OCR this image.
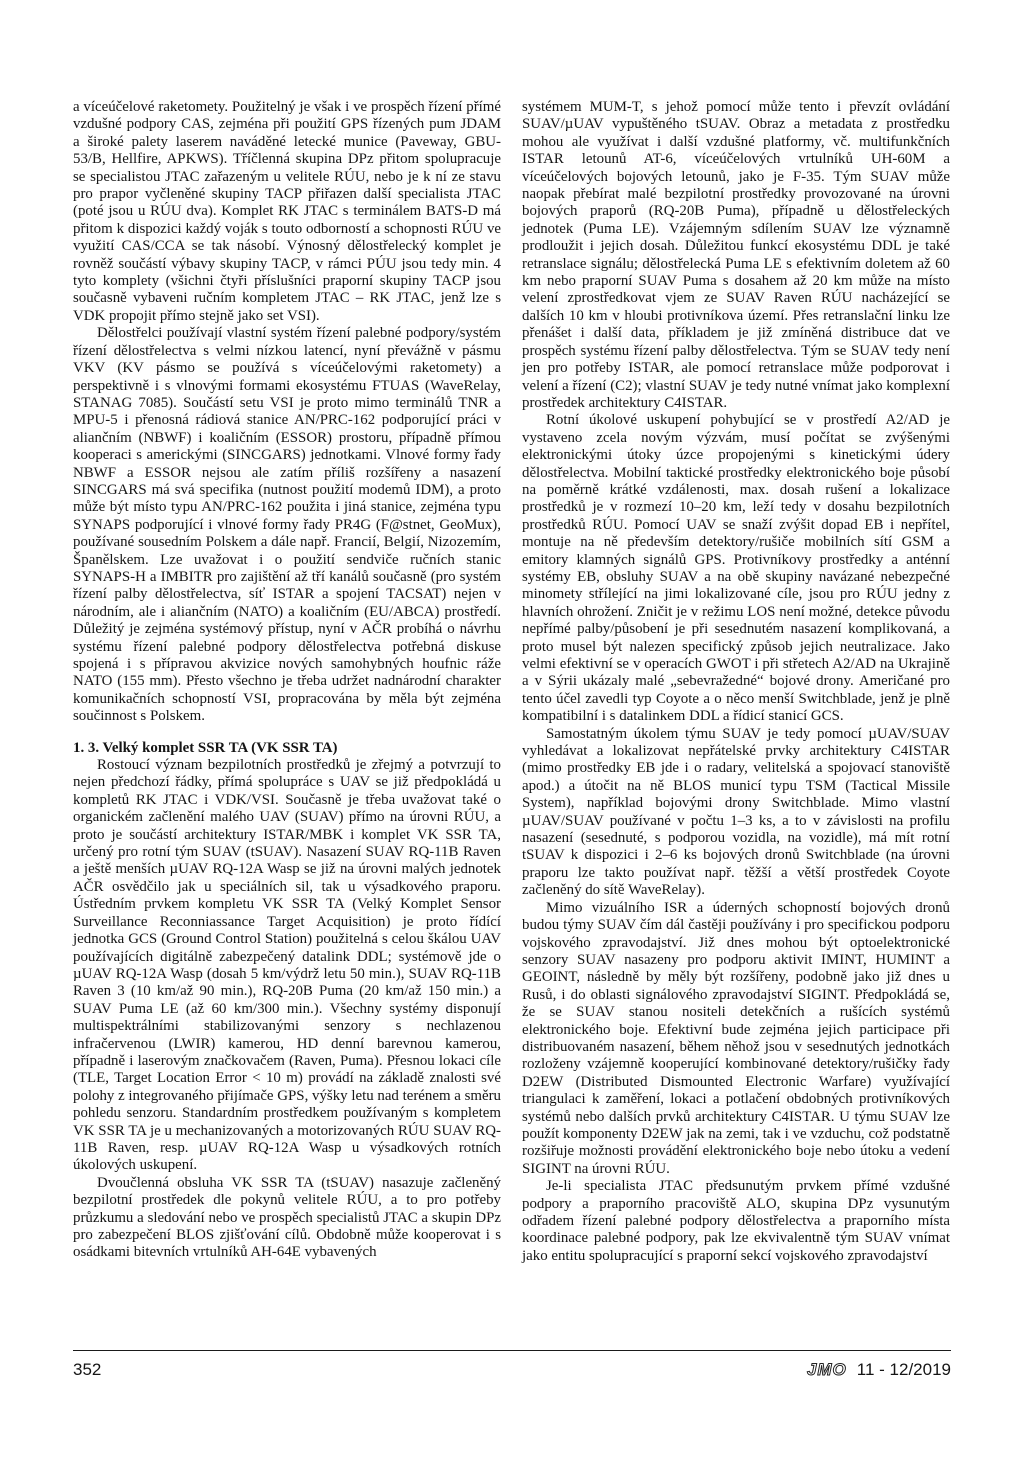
a víceúčelové raketomety. Použitelný je však i ve prospěch řízení přímé vzdušné podpory CAS, zejména při použití GPS řízených pum JDAM a široké palety laserem naváděné letecké munice (Paveway, GBU-53/B, Hellfire, APKWS). Tříčlenná skupina DPz přitom spolupracuje se specialistou JTAC zařazeným u velitele RÚU, nebo je k ní ze stavu pro prapor vyčleněné skupiny TACP přiřazen další specialista JTAC (poté jsou u RÚU dva). Komplet RK JTAC s terminálem BATS-D má přitom k dispozici každý voják s touto odborností a schopnosti RÚU ve využití CAS/CCA se tak násobí. Výnosný dělostřelecký komplet je rovněž součástí výbavy skupiny TACP, v rámci PÚU jsou tedy min. 4 tyto komplety (všichni čtyři příslušníci praporní skupiny TACP jsou současně vybaveni ručním kompletem JTAC – RK JTAC, jenž lze s VDK propojit přímo stejně jako set VSI).

Dělostřelci používají vlastní systém řízení palebné podpory/systém řízení dělostřelectva s velmi nízkou latencí, nyní převážně v pásmu VKV (KV pásmo se používá s víceúčelovými raketomety) a perspektivně i s vlnovými formami ekosystému FTUAS (WaveRelay, STANAG 7085). Součástí setu VSI je proto mimo terminálů TNR a MPU-5 i přenosná rádiová stanice AN/PRC-162 podporující práci v aliančním (NBWF) i koaličním (ESSOR) prostoru, případně přímou kooperaci s americkými (SINCGARS) jednotkami. Vlnové formy řady NBWF a ESSOR nejsou ale zatím příliš rozšířeny a nasazení SINCGARS má svá specifika (nutnost použití modemů IDM), a proto může být místo typu AN/PRC-162 použita i jiná stanice, zejména typu SYNAPS podporující i vlnové formy řady PR4G (F@stnet, GeoMux), používané sousedním Polskem a dále např. Francií, Belgií, Nizozemím, Španělskem. Lze uvažovat i o použití sendviče ručních stanic SYNAPS-H a IMBITR pro zajištění až tří kanálů současně (pro systém řízení palby dělostřelectva, síť ISTAR a spojení TACSAT) nejen v národním, ale i aliančním (NATO) a koaličním (EU/ABCA) prostředí. Důležitý je zejména systémový přístup, nyní v AČR probíhá o návrhu systému řízení palebné podpory dělostřelectva potřebná diskuse spojená i s přípravou akvizice nových samohybných houfnic ráže NATO (155 mm). Přesto všechno je třeba udržet nadnárodní charakter komunikačních schopností VSI, propracována by měla být zejména součinnost s Polskem.

1. 3. Velký komplet SSR TA (VK SSR TA)

Rostoucí význam bezpilotních prostředků je zřejmý a potvrzují to nejen předchozí řádky, přímá spolupráce s UAV se již předpokládá u kompletů RK JTAC i VDK/VSI. Současně je třeba uvažovat také o organickém začlenění malého UAV (SUAV) přímo na úrovni RÚU, a proto je součástí architektury ISTAR/MBK i komplet VK SSR TA, určený pro rotní tým SUAV (tSUAV). Nasazení SUAV RQ-11B Raven a ještě menších µUAV RQ-12A Wasp se již na úrovni malých jednotek AČR osvědčilo jak u speciálních sil, tak u výsadkového praporu. Ústředním prvkem kompletu VK SSR TA (Velký Komplet Sensor Surveillance Reconniassance Target Acquisition) je proto řídící jednotka GCS (Ground Control Station) použitelná s celou škálou UAV používajících digitálně zabezpečený datalink DDL; systémově jde o µUAV RQ-12A Wasp (dosah 5 km/výdrž letu 50 min.), SUAV RQ-11B Raven 3 (10 km/až 90 min.), RQ-20B Puma (20 km/až 150 min.) a SUAV Puma LE (až 60 km/300 min.). Všechny systémy disponují multispektrálními stabilizovanými senzory s nechlazenou infračervenou (LWIR) kamerou, HD denní barevnou kamerou, případně i laserovým značkovačem (Raven, Puma). Přesnou lokaci cíle (TLE, Target Location Error < 10 m) provádí na základě znalosti své polohy z integrovaného přijímače GPS, výšky letu nad terénem a směru pohledu senzoru. Standardním prostředkem používaným s kompletem VK SSR TA je u mechanizovaných a motorizovaných RÚU SUAV RQ-11B Raven, resp. µUAV RQ-12A Wasp u výsadkových rotních úkolových uskupení.

Dvoučlenná obsluha VK SSR TA (tSUAV) nasazuje začleněný bezpilotní prostředek dle pokynů velitele RÚU, a to pro potřeby průzkumu a sledování nebo ve prospěch specialistů JTAC a skupin DPz pro zabezpečení BLOS zjišťování cílů. Obdobně může kooperovat i s osádkami bitevních vrtulníků AH-64E vybavených

systémem MUM-T, s jehož pomocí může tento i převzít ovládání SUAV/µUAV vypuštěného tSUAV. Obraz a metadata z prostředku mohou ale využívat i další vzdušné platformy, vč. multifunkčních ISTAR letounů AT-6, víceúčelových vrtulníků UH-60M a víceúčelových bojových letounů, jako je F-35. Tým SUAV může naopak přebírat malé bezpilotní prostředky provozované na úrovni bojových praporů (RQ-20B Puma), případně u dělostřeleckých jednotek (Puma LE). Vzájemným sdílením SUAV lze významně prodloužit i jejich dosah. Důležitou funkcí ekosystému DDL je také retranslace signálu; dělostřelecká Puma LE s efektivním doletem až 60 km nebo praporní SUAV Puma s dosahem až 20 km může na místo velení zprostředkovat vjem ze SUAV Raven RÚU nacházející se dalších 10 km v hloubi protivníkova území. Přes retranslační linku lze přenášet i další data, příkladem je již zmíněná distribuce dat ve prospěch systému řízení palby dělostřelectva. Tým se SUAV tedy není jen pro potřeby ISTAR, ale pomocí retranslace může podporovat i velení a řízení (C2); vlastní SUAV je tedy nutné vnímat jako komplexní prostředek architektury C4ISTAR.

Rotní úkolové uskupení pohybující se v prostředí A2/AD je vystaveno zcela novým výzvám, musí počítat se zvýšenými elektronickými útoky úzce propojenými s kinetickými údery dělostřelectva. Mobilní taktické prostředky elektronického boje působí na poměrně krátké vzdálenosti, max. dosah rušení a lokalizace prostředků je v rozmezí 10–20 km, leží tedy v dosahu bezpilotních prostředků RÚU. Pomocí UAV se snaží zvýšit dopad EB i nepřítel, montuje na ně především detektory/rušiče mobilních sítí GSM a emitory klamných signálů GPS. Protivníkovy prostředky a anténní systémy EB, obsluhy SUAV a na obě skupiny navázané nebezpečné minomety střílející na jimi lokalizované cíle, jsou pro RÚU jedny z hlavních ohrožení. Zničit je v režimu LOS není možné, detekce původu nepřímé palby/působení je při sesednutém nasazení komplikovaná, a proto musel být nalezen specifický způsob jejich neutralizace. Jako velmi efektivní se v operacích GWOT i při střetech A2/AD na Ukrajině a v Sýrii ukázaly malé „sebevražedné“ bojové drony. Američané pro tento účel zavedli typ Coyote a o něco menší Switchblade, jenž je plně kompatibilní i s datalinkem DDL a řídicí stanicí GCS.

Samostatným úkolem týmu SUAV je tedy pomocí µUAV/SUAV vyhledávat a lokalizovat nepřátelské prvky architektury C4ISTAR (mimo prostředky EB jde i o radary, velitelská a spojovací stanoviště apod.) a útočit na ně BLOS municí typu TSM (Tactical Missile System), například bojovými drony Switchblade. Mimo vlastní µUAV/SUAV používané v počtu 1–3 ks, a to v závislosti na profilu nasazení (sesednuté, s podporou vozidla, na vozidle), má mít rotní tSUAV k dispozici i 2–6 ks bojových dronů Switchblade (na úrovni praporu lze takto používat např. těžší a větší prostředek Coyote začleněný do sítě WaveRelay).

Mimo vizuálního ISR a úderných schopností bojových dronů budou týmy SUAV čím dál častěji používány i pro specifickou podporu vojskového zpravodajství. Již dnes mohou být optoelektronické senzory SUAV nasazeny pro podporu aktivit IMINT, HUMINT a GEOINT, následně by měly být rozšířeny, podobně jako již dnes u Rusů, i do oblasti signálového zpravodajství SIGINT. Předpokládá se, že se SUAV stanou nositeli detekčních a rušících systémů elektronického boje. Efektivní bude zejména jejich participace při distribuovaném nasazení, během něhož jsou v sesednutých jednotkách rozloženy vzájemně kooperující kombinované detektory/rušičky řady D2EW (Distributed Dismounted Electronic Warfare) využívající triangulaci k zaměření, lokaci a potlačení obdobných protivníkových systémů nebo dalších prvků architektury C4ISTAR. U týmu SUAV lze použít komponenty D2EW jak na zemi, tak i ve vzduchu, což podstatně rozšiřuje možnosti provádění elektronického boje nebo útoku a vedení SIGINT na úrovni RÚU.

Je-li specialista JTAC předsunutým prvkem přímé vzdušné podpory a praporního pracoviště ALO, skupina DPz vysunutým odřadem řízení palebné podpory dělostřelectva a praporního místa koordinace palebné podpory, pak lze ekvivalentně tým SUAV vnímat jako entitu spolupracující s praporní sekcí vojskového zpravodajství

352	JMO 11 - 12/2019
